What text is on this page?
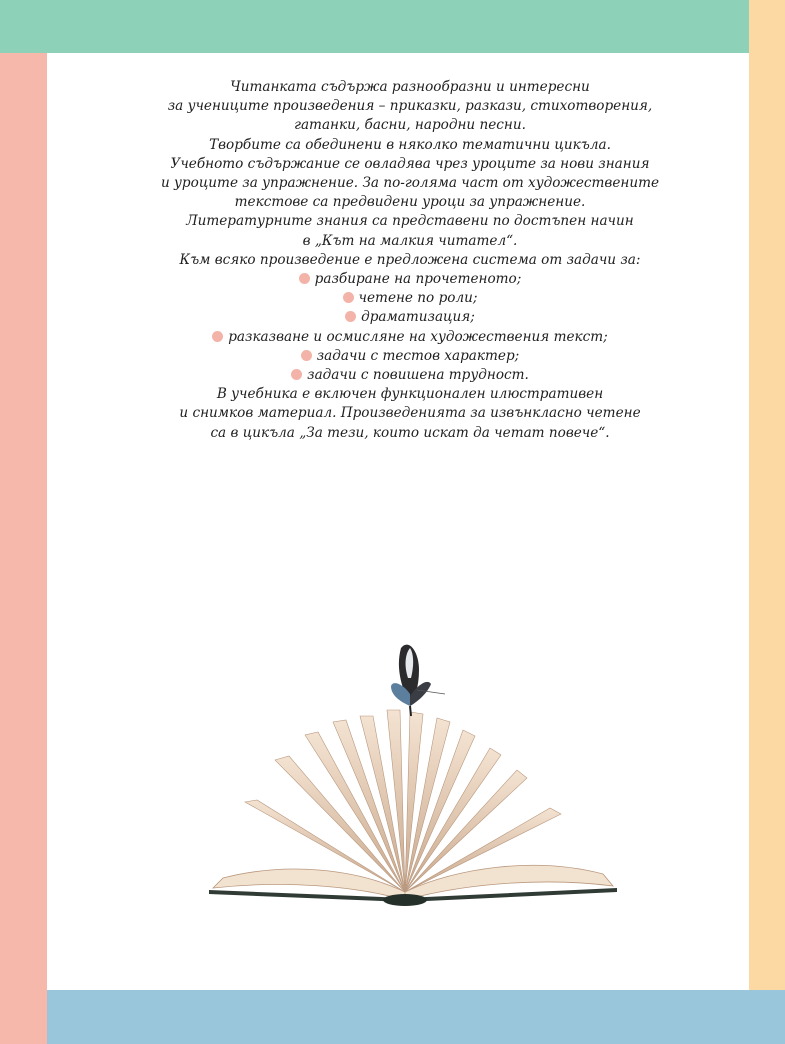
Читанката съдържа разнообразни и интересни

за учениците произведения – приказки, разкази, стихотворения,

гатанки, басни, народни песни.

Творбите са обединени в няколко тематични цикъла.

Учебното съдържание се овладява чрез уроците за нови знания

и уроците за упражнение. За по-голяма част от художествените

текстове са предвидени уроци за упражнение.

Литературните знания са представени по достъпен начин

в „Кът на малкия читател“.

Към всяко произведение е предложена система от задачи за:

разбиране на прочетеното;

четене по роли;

драматизация;

разказване и осмисляне на художествения текст;

задачи с тестов характер;

задачи с повишена трудност.

В учебника е включен функционален илюстративен

и снимков материал. Произведенията за извънкласно четене

са в цикъла „За тези, които искат да четат повече“.
